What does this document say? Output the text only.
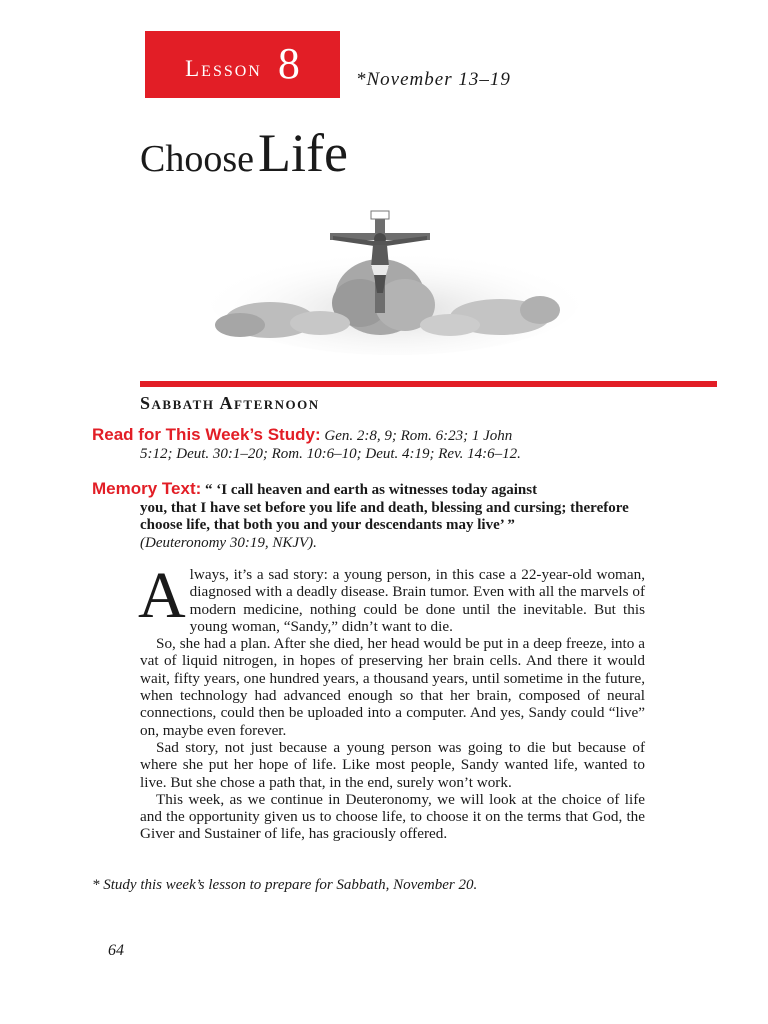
Lesson 8	*November 13–19
Choose Life
Sabbath Afternoon
Read for This Week’s Study: Gen. 2:8, 9; Rom. 6:23; 1 John
5:12; Deut. 30:1–20; Rom. 10:6–10; Deut. 4:19; Rev. 14:6–12.
Memory Text: “ ‘I call heaven and earth as witnesses today against
you, that I have set before you life and death, blessing and cursing; therefore choose life, that both you and your descendants may live’ ”
(Deuteronomy 30:19, NKJV).

Always, it’s a sad story: a young person, in this case a 22-year-old woman, diagnosed with a deadly disease. Brain tumor. Even with all the marvels of modern medicine, nothing could be done until the inevitable. But this young woman, “Sandy,” didn’t want to die.

So, she had a plan. After she died, her head would be put in a deep freeze, into a vat of liquid nitrogen, in hopes of preserving her brain cells. And there it would wait, fifty years, one hundred years, a thousand years, until sometime in the future, when technology had advanced enough so that her brain, composed of neural connections, could then be uploaded into a computer. And yes, Sandy could “live” on, maybe even forever.

Sad story, not just because a young person was going to die but because of where she put her hope of life. Like most people, Sandy wanted life, wanted to live. But she chose a path that, in the end, surely won’t work.

This week, as we continue in Deuteronomy, we will look at the choice of life and the opportunity given us to choose life, to choose it on the terms that God, the Giver and Sustainer of life, has graciously offered.

* Study this week’s lesson to prepare for Sabbath, November 20.
64
